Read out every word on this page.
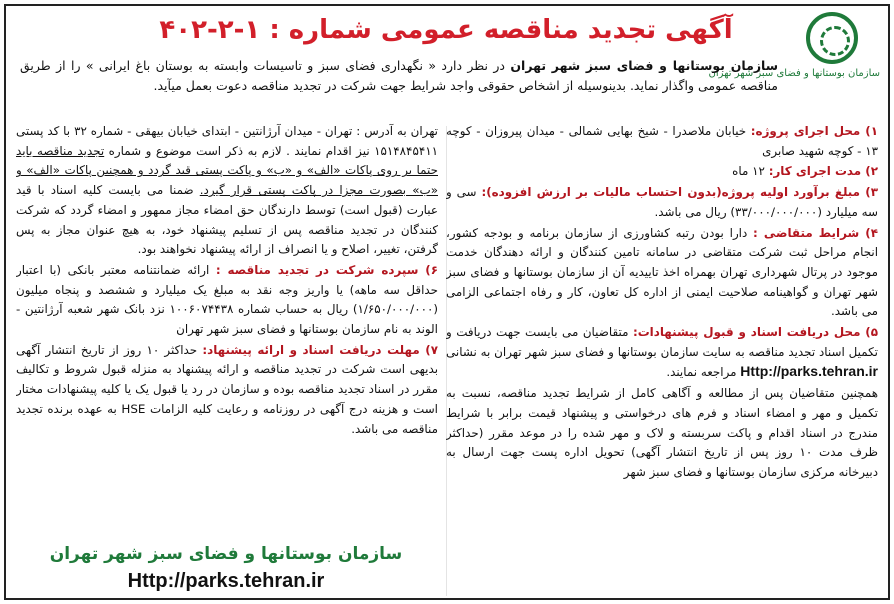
سازمان بوستانها و فضای سبز شهر تهران
آگهی تجدید مناقصه عمومی شماره : ۱-۲-۴۰۲
سازمان بوستانها و فضای سبز شهر تهران در نظر دارد « نگهداری فضای سبز و تاسیسات وابسته به بوستان باغ ایرانی » را از طریق مناقصه عمومی واگذار نماید. بدینوسیله از اشخاص حقوقی واجد شرایط جهت شرکت در تجدید مناقصه دعوت بعمل میآید.
۱) محل اجرای پروژه: خیابان ملاصدرا - شیخ بهایی شمالی - میدان پیروزان - کوچه ۱۳ - کوچه شهید صابری
۲) مدت اجرای کار: ۱۲ ماه
۳) مبلغ برآورد اولیه پروژه(بدون احتساب مالیات بر ارزش افزوده): سی و سه میلیارد (۳۳/۰۰۰/۰۰۰/۰۰۰) ریال می باشد.
۴) شرایط متقاضی : دارا بودن رتبه کشاورزی از سازمان برنامه و بودجه کشور، انجام مراحل ثبت شرکت متقاضی در سامانه تامین کنندگان و ارائه دهندگان خدمت موجود در پرتال شهرداری تهران بهمراه اخذ تاییدیه آن از سازمان بوستانها و فضای سبز شهر تهران و گواهینامه صلاحیت ایمنی از اداره کل تعاون، کار و رفاه اجتماعی الزامی می باشد.
۵) محل دریافت اسناد و قبول پیشنهادات: متقاضیان می بایست جهت دریافت و تکمیل اسناد تجدید مناقصه به سایت سازمان بوستانها و فضای سبز شهر تهران به نشانی Http://parks.tehran.ir مراجعه نمایند.
همچنین متقاضیان پس از مطالعه و آگاهی کامل از شرایط تجدید مناقصه، نسبت به تکمیل و مهر و امضاء اسناد و فرم های درخواستی و پیشنهاد قیمت برابر با شرایط مندرج در اسناد اقدام و پاکت سربسته و لاک و مهر شده را در موعد مقرر (حداکثر ظرف مدت ۱۰ روز پس از تاریخ انتشار آگهی) تحویل اداره پست جهت ارسال به دبیرخانه مرکزی سازمان بوستانها و فضای سبز شهر
تهران به آدرس : تهران - میدان آرژانتین - ابتدای خیابان بیهقی - شماره ۳۲ با کد پستی ۱۵۱۴۸۴۵۴۱۱ نیز اقدام نمایند . لازم به ذکر است موضوع و شماره تجدید مناقصه باید حتما بر روی پاکات «الف» و «ب» و پاکت پستی قید گردد و همچنین پاکات «الف» و «ب» بصورت مجزا در پاکت پستی قرار گیرد. ضمنا می بایست کلیه اسناد با قید عبارت (قبول است) توسط دارندگان حق امضاء مجاز ممهور و امضاء گردد که شرکت کنندگان در تجدید مناقصه پس از تسلیم پیشنهاد خود، به هیچ عنوان مجاز به پس گرفتن، تغییر، اصلاح و یا انصراف از ارائه پیشنهاد نخواهند بود.
۶) سپرده شرکت در تجدید مناقصه : ارائه ضمانتنامه معتبر بانکی (با اعتبار حداقل سه ماهه) یا واریز وجه نقد به مبلغ یک میلیارد و ششصد و پنجاه میلیون (۱/۶۵۰/۰۰۰/۰۰۰) ریال به حساب شماره ۱۰۰۶۰۷۴۴۳۸ نزد بانک شهر شعبه آرژانتین - الوند به نام سازمان بوستانها و فضای سبز شهر تهران
۷) مهلت دریافت اسناد و ارائه پیشنهاد: حداکثر ۱۰ روز از تاریخ انتشار آگهی بدیهی است شرکت در تجدید مناقصه و ارائه پیشنهاد به منزله قبول شروط و تکالیف مقرر در اسناد تجدید مناقصه بوده و سازمان در رد یا قبول یک یا کلیه پیشنهادات مختار است و هزینه درج آگهی در روزنامه و رعایت کلیه الزامات HSE به عهده برنده تجدید مناقصه می باشد.
سازمان بوستانها و فضای سبز شهر تهران
Http://parks.tehran.ir
